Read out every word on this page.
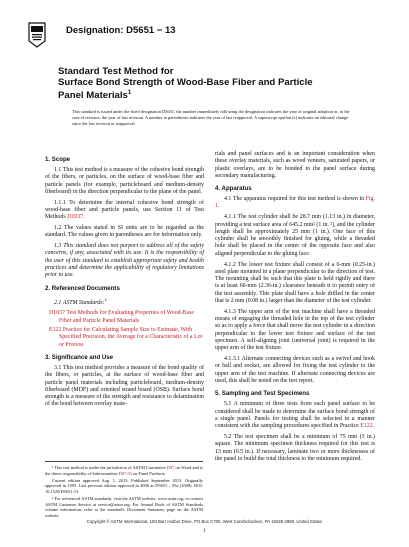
Designation: D5651 − 13
Standard Test Method for
Surface Bond Strength of Wood-Base Fiber and Particle
Panel Materials$^1$
This standard is issued under the fixed designation D5651; the number immediately following the designation indicates the year of original adoption or, in the case of revision, the year of last revision. A number in parentheses indicates the year of last reapproval. A superscript epsilon (ε) indicates an editorial change since the last revision or reapproval.
1. Scope

1.1 This test method is a measure of the cohesive bond strength of the fibers, or particles, on the surface of wood-base fiber and particle panels (for example, particleboard and medium-density fiberboard) in the direction perpendicular to the plane of the panel.

1.1.1 To determine the internal cohesive bond strength of wood-base fiber and particle panels, use Section 11 of Test Methods D1037.

1.2 The values stated in SI units are to be regarded as the standard. The values given in parentheses are for information only.

1.3 This standard does not purport to address all of the safety concerns, if any, associated with its use. It is the responsibility of the user of this standard to establish appropriate safety and health practices and determine the applicability of regulatory limitations prior to use.

2. Referenced Documents

2.1 ASTM Standards:$^2$

D1037 Test Methods for Evaluating Properties of Wood-Base Fiber and Particle Panel Materials

E122 Practice for Calculating Sample Size to Estimate, With Specified Precision, the Average for a Characteristic of a Lot or Process

3. Significance and Use

3.1 This test method provides a measure of the bond quality of the fibers, or particles, at the surface of wood-base fiber and particle panel materials including particleboard, medium-density fiberboard (MDF) and oriented strand board (OSB). Surface bond strength is a measure of the strength and resistance to delamination of the bond between overlay mate-

rials and panel surfaces and is an important consideration when these overlay materials, such as wood veneers, saturated papers, or plastic overlays, are to be bonded to the panel surface during secondary manufacturing.

4. Apparatus

4.1 The apparatus required for this test method is shown in Fig. 1.

4.1.1 The test cylinder shall be 28.7 mm (1.13 in.) in diameter, providing a test surface area of 645.2 mm² (1 in. ²), and the cylinder length shall be approximately 25 mm (1 in.). One face of this cylinder shall be smoothly finished for gluing, while a threaded hole shall be placed in the center of the opposite face and also aligned perpendicular to the gluing face.

4.1.2 The lower test fixture shall consist of a 6-mm (0.25-in.) steel plate mounted in a plane perpendicular to the direction of test. The mounting shall be such that this plate is held rigidly and there is at least 60-mm (2.36-in.) clearance beneath it to permit entry of the test assembly. This plate shall have a hole drilled in the center that is 2 mm (0.08 in.) larger than the diameter of the test cylinder.

4.1.3 The upper arm of the test machine shall have a threaded means of engaging the threaded hole in the top of the test cylinder so as to apply a force that shall move the test cylinder in a direction perpendicular to the lower test fixture and surface of the test specimen. A self-aligning joint (universal joint) is required in the upper arm of the test fixture.

4.1.3.1 Alternate connecting devices such as a swivel and hook or ball and socket, are allowed for fixing the test cylinder to the upper arm of the test machine. If alternate connecting devices are used, this shall be noted on the test report.

5. Sampling and Test Specimens

5.1 A minimum of three tests from each panel surface to be considered shall be made to determine the surface bond strength of a single panel. Panels for testing shall be selected in a manner consistent with the sampling procedures specified in Practice E122.

5.2 The test specimen shall be a minimum of 75 mm (3 in.) square. The minimum specimen thickness required for this test is 13 mm (0.5 in.). If necessary, laminate two or more thicknesses of the panel to build the total thickness to the minimum required.

¹ This test method is under the jurisdiction of ASTM Committee D07 on Wood and is the direct responsibility of Subcommittee D07.03 on Panel Products.

Current edition approved Aug. 1, 2013. Published September 2013. Originally approved in 1995. Last previous edition approved in 2008 as D5651 – 95a (2008). DOI: 10.1520/D5651-13.

² For referenced ASTM standards, visit the ASTM website, www.astm.org, or contact ASTM Customer Service at service@astm.org. For Annual Book of ASTM Standards volume information, refer to the standard's Document Summary page on the ASTM website.

Copyright © ASTM International, 100 Barr Harbor Drive, PO Box C700, West Conshohocken, PA 19428-2959. United States
1
